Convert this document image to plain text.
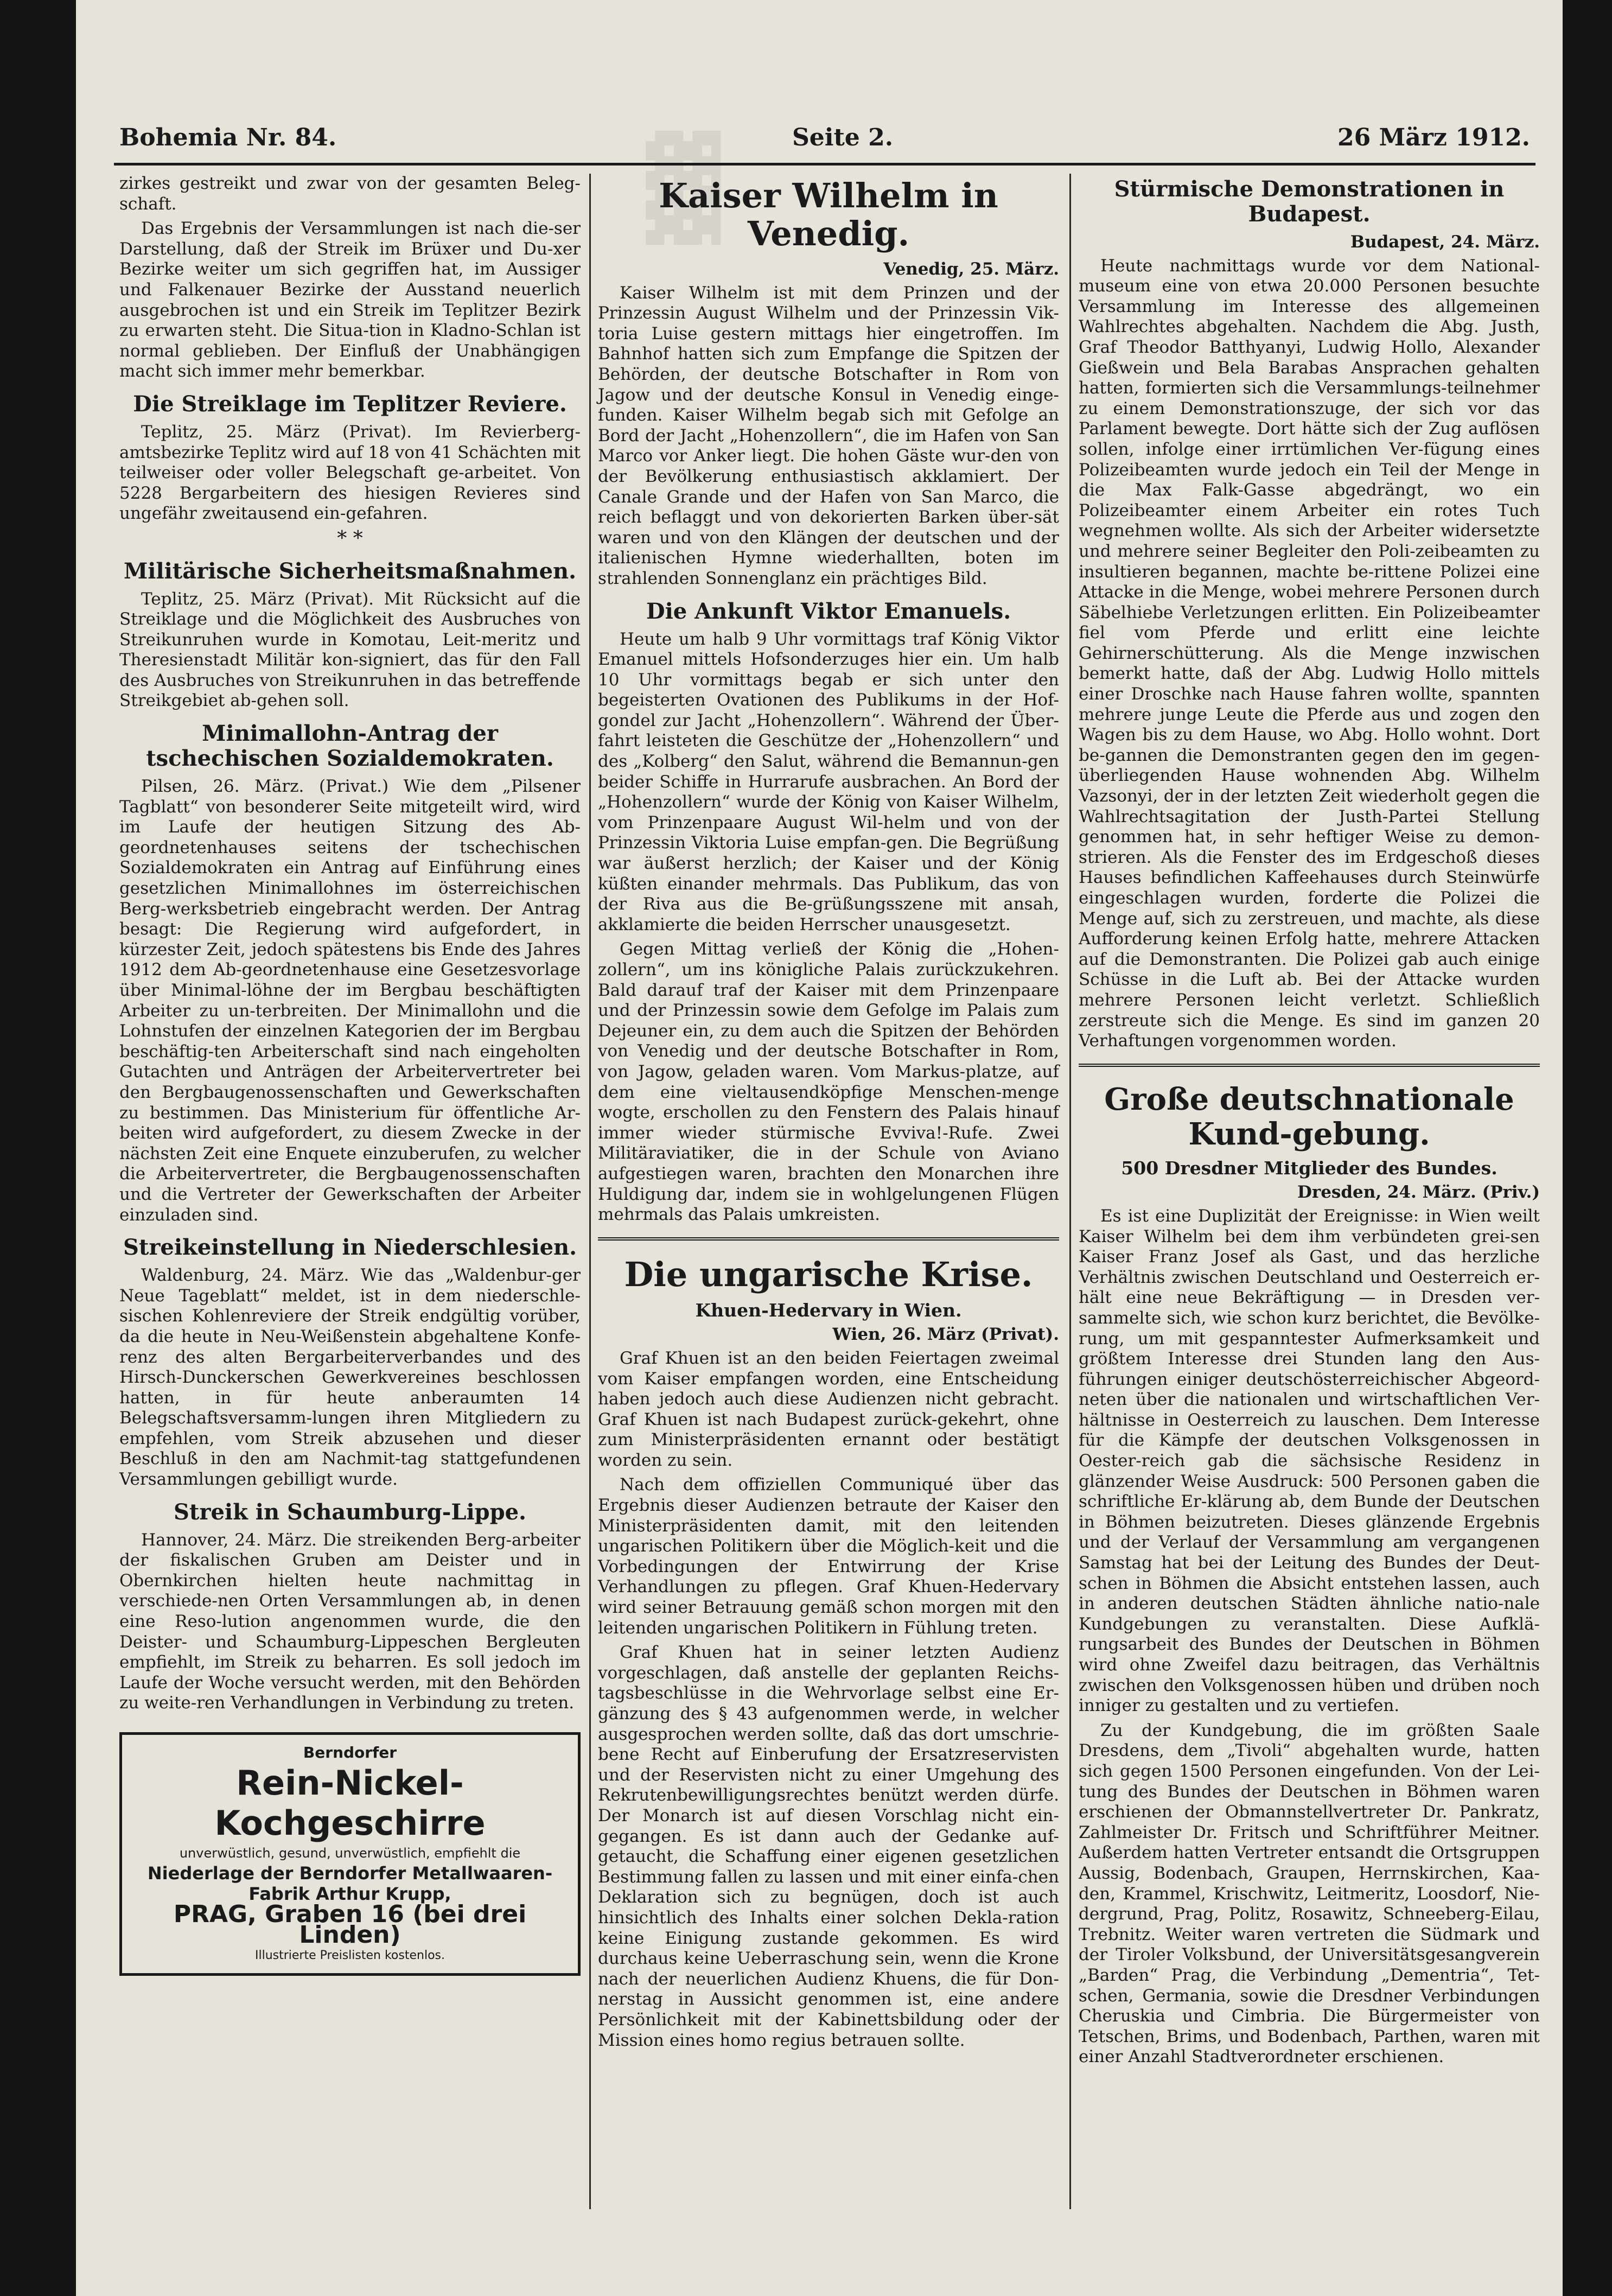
▓
Bohemia Nr. 84.	Seite 2.	26 März 1912.

zirkes gestreikt und zwar von der gesamten Beleg-schaft.

Das Ergebnis der Versammlungen ist nach die-ser Darstellung, daß der Streik im Brüxer und Du-xer Bezirke weiter um sich gegriffen hat, im Aussiger und Falkenauer Bezirke der Ausstand neuerlich ausgebrochen ist und ein Streik im Teplitzer Bezirk zu erwarten steht. Die Situa-tion in Kladno-Schlan ist normal geblieben. Der Einfluß der Unabhängigen macht sich immer mehr bemerkbar.

Die Streiklage im Teplitzer Reviere.

Teplitz, 25. März (Privat). Im Revierberg-amtsbezirke Teplitz wird auf 18 von 41 Schächten mit teilweiser oder voller Belegschaft ge-arbeitet. Von 5228 Bergarbeitern des hiesigen Revieres sind ungefähr zweitausend ein-gefahren.

* *
Militärische Sicherheitsmaßnahmen.

Teplitz, 25. März (Privat). Mit Rücksicht auf die Streiklage und die Möglichkeit des Ausbruches von Streikunruhen wurde in Komotau, Leit-meritz und Theresienstadt Militär kon-signiert, das für den Fall des Ausbruches von Streikunruhen in das betreffende Streikgebiet ab-gehen soll.

Minimallohn-Antrag der tschechischen Sozialdemokraten.

Pilsen, 26. März. (Privat.) Wie dem „Pilsener Tagblatt“ von besonderer Seite mitgeteilt wird, wird im Laufe der heutigen Sitzung des Ab-geordnetenhauses seitens der tschechischen Sozialdemokraten ein Antrag auf Einführung eines gesetzlichen Minimallohnes im österreichischen Berg-werksbetrieb eingebracht werden. Der Antrag besagt: Die Regierung wird aufgefordert, in kürzester Zeit, jedoch spätestens bis Ende des Jahres 1912 dem Ab-geordnetenhause eine Gesetzesvorlage über Minimal-löhne der im Bergbau beschäftigten Arbeiter zu un-terbreiten. Der Minimallohn und die Lohnstufen der einzelnen Kategorien der im Bergbau beschäftig-ten Arbeiterschaft sind nach eingeholten Gutachten und Anträgen der Arbeitervertreter bei den Bergbaugenossenschaften und Gewerkschaften zu bestimmen. Das Ministerium für öffentliche Ar-beiten wird aufgefordert, zu diesem Zwecke in der nächsten Zeit eine Enquete einzuberufen, zu welcher die Arbeitervertreter, die Bergbaugenossenschaften und die Vertreter der Gewerkschaften der Arbeiter einzuladen sind.

Streikeinstellung in Niederschlesien.

Waldenburg, 24. März. Wie das „Waldenbur-ger Neue Tageblatt“ meldet, ist in dem niederschle-sischen Kohlenreviere der Streik endgültig vorüber, da die heute in Neu-Weißenstein abgehaltene Konfe-renz des alten Bergarbeiterverbandes und des Hirsch-Dunckerschen Gewerkvereines beschlossen hatten, in für heute anberaumten 14 Belegschaftsversamm-lungen ihren Mitgliedern zu empfehlen, vom Streik abzusehen und dieser Beschluß in den am Nachmit-tag stattgefundenen Versammlungen gebilligt wurde.

Streik in Schaumburg-Lippe.

Hannover, 24. März. Die streikenden Berg-arbeiter der fiskalischen Gruben am Deister und in Obernkirchen hielten heute nachmittag in verschiede-nen Orten Versammlungen ab, in denen eine Reso-lution angenommen wurde, die den Deister- und Schaumburg-Lippeschen Bergleuten empfiehlt, im Streik zu beharren. Es soll jedoch im Laufe der Woche versucht werden, mit den Behörden zu weite-ren Verhandlungen in Verbindung zu treten.

Berndorfer
Rein-Nickel-Kochgeschirre
unverwüstlich, gesund, unverwüstlich, empfiehlt die
Niederlage der Berndorfer Metallwaaren-Fabrik Arthur Krupp,
PRAG, Graben 16 (bei drei Linden)
Illustrierte Preislisten kostenlos.
Kaiser Wilhelm in Venedig.
Venedig, 25. März.

Kaiser Wilhelm ist mit dem Prinzen und der Prinzessin August Wilhelm und der Prinzessin Vik-toria Luise gestern mittags hier eingetroffen. Im Bahnhof hatten sich zum Empfange die Spitzen der Behörden, der deutsche Botschafter in Rom von Jagow und der deutsche Konsul in Venedig einge-funden. Kaiser Wilhelm begab sich mit Gefolge an Bord der Jacht „Hohenzollern“, die im Hafen von San Marco vor Anker liegt. Die hohen Gäste wur-den von der Bevölkerung enthusiastisch akklamiert. Der Canale Grande und der Hafen von San Marco, die reich beflaggt und von dekorierten Barken über-sät waren und von den Klängen der deutschen und der italienischen Hymne wiederhallten, boten im strahlenden Sonnenglanz ein prächtiges Bild.

Die Ankunft Viktor Emanuels.

Heute um halb 9 Uhr vormittags traf König Viktor Emanuel mittels Hofsonderzuges hier ein. Um halb 10 Uhr vormittags begab er sich unter den begeisterten Ovationen des Publikums in der Hof-gondel zur Jacht „Hohenzollern“. Während der Über-fahrt leisteten die Geschütze der „Hohenzollern“ und des „Kolberg“ den Salut, während die Bemannun-gen beider Schiffe in Hurrarufe ausbrachen. An Bord der „Hohenzollern“ wurde der König von Kaiser Wilhelm, vom Prinzenpaare August Wil-helm und von der Prinzessin Viktoria Luise empfan-gen. Die Begrüßung war äußerst herzlich; der Kaiser und der König küßten einander mehrmals. Das Publikum, das von der Riva aus die Be-grüßungsszene mit ansah, akklamierte die beiden Herrscher unausgesetzt.

Gegen Mittag verließ der König die „Hohen-zollern“, um ins königliche Palais zurückzukehren. Bald darauf traf der Kaiser mit dem Prinzenpaare und der Prinzessin sowie dem Gefolge im Palais zum Dejeuner ein, zu dem auch die Spitzen der Behörden von Venedig und der deutsche Botschafter in Rom, von Jagow, geladen waren. Vom Markus-platze, auf dem eine vieltausendköpfige Menschen-menge wogte, erschollen zu den Fenstern des Palais hinauf immer wieder stürmische Evviva!-Rufe. Zwei Militäraviatiker, die in der Schule von Aviano aufgestiegen waren, brachten den Monarchen ihre Huldigung dar, indem sie in wohlgelungenen Flügen mehrmals das Palais umkreisten.

Die ungarische Krise.
Khuen-Hedervary in Wien.
Wien, 26. März (Privat).

Graf Khuen ist an den beiden Feiertagen zweimal vom Kaiser empfangen worden, eine Entscheidung haben jedoch auch diese Audienzen nicht gebracht. Graf Khuen ist nach Budapest zurück-gekehrt, ohne zum Ministerpräsidenten ernannt oder bestätigt worden zu sein.

Nach dem offiziellen Communiqué über das Ergebnis dieser Audienzen betraute der Kaiser den Ministerpräsidenten damit, mit den leitenden ungarischen Politikern über die Möglich-keit und die Vorbedingungen der Entwirrung der Krise Verhandlungen zu pflegen. Graf Khuen-Hedervary wird seiner Betrauung gemäß schon morgen mit den leitenden ungarischen Politikern in Fühlung treten.

Graf Khuen hat in seiner letzten Audienz vorgeschlagen, daß anstelle der geplanten Reichs-tagsbeschlüsse in die Wehrvorlage selbst eine Er-gänzung des § 43 aufgenommen werde, in welcher ausgesprochen werden sollte, daß das dort umschrie-bene Recht auf Einberufung der Ersatzreservisten und der Reservisten nicht zu einer Umgehung des Rekrutenbewilligungsrechtes benützt werden dürfe. Der Monarch ist auf diesen Vorschlag nicht ein-gegangen. Es ist dann auch der Gedanke auf-getaucht, die Schaffung einer eigenen gesetzlichen Bestimmung fallen zu lassen und mit einer einfa-chen Deklaration sich zu begnügen, doch ist auch hinsichtlich des Inhalts einer solchen Dekla-ration keine Einigung zustande gekommen. Es wird durchaus keine Ueberraschung sein, wenn die Krone nach der neuerlichen Audienz Khuens, die für Don-nerstag in Aussicht genommen ist, eine andere Persönlichkeit mit der Kabinettsbildung oder der Mission eines homo regius betrauen sollte.

Stürmische Demonstrationen in Budapest.
Budapest, 24. März.

Heute nachmittags wurde vor dem National-museum eine von etwa 20.000 Personen besuchte Versammlung im Interesse des allgemeinen Wahlrechtes abgehalten. Nachdem die Abg. Justh, Graf Theodor Batthyanyi, Ludwig Hollo, Alexander Gießwein und Bela Barabas Ansprachen gehalten hatten, formierten sich die Versammlungs-teilnehmer zu einem Demonstrationszuge, der sich vor das Parlament bewegte. Dort hätte sich der Zug auflösen sollen, infolge einer irrtümlichen Ver-fügung eines Polizeibeamten wurde jedoch ein Teil der Menge in die Max Falk-Gasse abgedrängt, wo ein Polizeibeamter einem Arbeiter ein rotes Tuch wegnehmen wollte. Als sich der Arbeiter widersetzte und mehrere seiner Begleiter den Poli-zeibeamten zu insultieren begannen, machte be-rittene Polizei eine Attacke in die Menge, wobei mehrere Personen durch Säbelhiebe Verletzungen erlitten. Ein Polizeibeamter fiel vom Pferde und erlitt eine leichte Gehirnerschütterung. Als die Menge inzwischen bemerkt hatte, daß der Abg. Ludwig Hollo mittels einer Droschke nach Hause fahren wollte, spannten mehrere junge Leute die Pferde aus und zogen den Wagen bis zu dem Hause, wo Abg. Hollo wohnt. Dort be-gannen die Demonstranten gegen den im gegen-überliegenden Hause wohnenden Abg. Wilhelm Vazsonyi, der in der letzten Zeit wiederholt gegen die Wahlrechtsagitation der Justh-Partei Stellung genommen hat, in sehr heftiger Weise zu demon-strieren. Als die Fenster des im Erdgeschoß dieses Hauses befindlichen Kaffeehauses durch Steinwürfe eingeschlagen wurden, forderte die Polizei die Menge auf, sich zu zerstreuen, und machte, als diese Aufforderung keinen Erfolg hatte, mehrere Attacken auf die Demonstranten. Die Polizei gab auch einige Schüsse in die Luft ab. Bei der Attacke wurden mehrere Personen leicht verletzt. Schließlich zerstreute sich die Menge. Es sind im ganzen 20 Verhaftungen vorgenommen worden.

Große deutschnationale Kund-gebung.
500 Dresdner Mitglieder des Bundes.
Dresden, 24. März. (Priv.)

Es ist eine Duplizität der Ereignisse: in Wien weilt Kaiser Wilhelm bei dem ihm verbündeten grei-sen Kaiser Franz Josef als Gast, und das herzliche Verhältnis zwischen Deutschland und Oesterreich er-hält eine neue Bekräftigung — in Dresden ver-sammelte sich, wie schon kurz berichtet, die Bevölke-rung, um mit gespanntester Aufmerksamkeit und größtem Interesse drei Stunden lang den Aus-führungen einiger deutschösterreichischer Abgeord-neten über die nationalen und wirtschaftlichen Ver-hältnisse in Oesterreich zu lauschen. Dem Interesse für die Kämpfe der deutschen Volksgenossen in Oester-reich gab die sächsische Residenz in glänzender Weise Ausdruck: 500 Personen gaben die schriftliche Er-klärung ab, dem Bunde der Deutschen in Böhmen beizutreten. Dieses glänzende Ergebnis und der Verlauf der Versammlung am vergangenen Samstag hat bei der Leitung des Bundes der Deut-schen in Böhmen die Absicht entstehen lassen, auch in anderen deutschen Städten ähnliche natio-nale Kundgebungen zu veranstalten. Diese Aufklä-rungsarbeit des Bundes der Deutschen in Böhmen wird ohne Zweifel dazu beitragen, das Verhältnis zwischen den Volksgenossen hüben und drüben noch inniger zu gestalten und zu vertiefen.

Zu der Kundgebung, die im größten Saale Dresdens, dem „Tivoli“ abgehalten wurde, hatten sich gegen 1500 Personen eingefunden. Von der Lei-tung des Bundes der Deutschen in Böhmen waren erschienen der Obmannstellvertreter Dr. Pankratz, Zahlmeister Dr. Fritsch und Schriftführer Meitner. Außerdem hatten Vertreter entsandt die Ortsgruppen Aussig, Bodenbach, Graupen, Herrnskirchen, Kaa-den, Krammel, Krischwitz, Leitmeritz, Loosdorf, Nie-dergrund, Prag, Politz, Rosawitz, Schneeberg-Eilau, Trebnitz. Weiter waren vertreten die Südmark und der Tiroler Volksbund, der Universitätsgesangverein „Barden“ Prag, die Verbindung „Dementria“, Tet-schen, Germania, sowie die Dresdner Verbindungen Cheruskia und Cimbria. Die Bürgermeister von Tetschen, Brims, und Bodenbach, Parthen, waren mit einer Anzahl Stadtverordneter erschienen.
